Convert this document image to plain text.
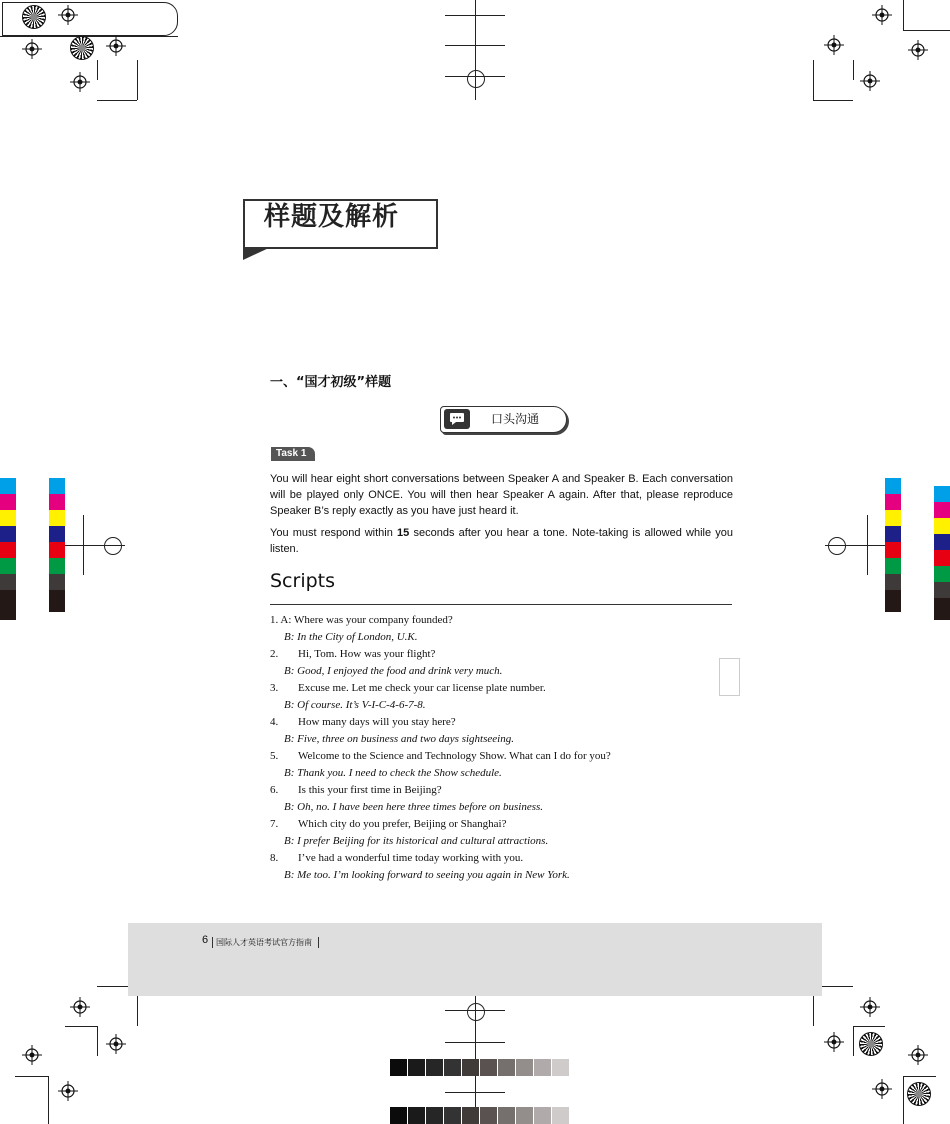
样题及解析
一、“国才初级”样题
口头沟通
Task 1
You will hear eight short conversations between Speaker A and Speaker B. Each conversation will be played only ONCE. You will then hear Speaker A again. After that, please reproduce Speaker B’s reply exactly as you have just heard it.
You must respond within 15 seconds after you hear a tone. Note-taking is allowed while you listen.
Scripts
1. A: Where was your company founded?
B: In the City of London, U.K.
2. Hi, Tom. How was your flight?
B: Good, I enjoyed the food and drink very much.
3. Excuse me. Let me check your car license plate number.
B: Of course. It’s V-I-C-4-6-7-8.
4. How many days will you stay here?
B: Five, three on business and two days sightseeing.
5. Welcome to the Science and Technology Show. What can I do for you?
B: Thank you. I need to check the Show schedule.
6. Is this your first time in Beijing?
B: Oh, no. I have been here three times before on business.
7. Which city do you prefer, Beijing or Shanghai?
B: I prefer Beijing for its historical and cultural attractions.
8. I’ve had a wonderful time today working with you.
B: Me too. I’m looking forward to seeing you again in New York.
6 国际人才英语考试官方指南
